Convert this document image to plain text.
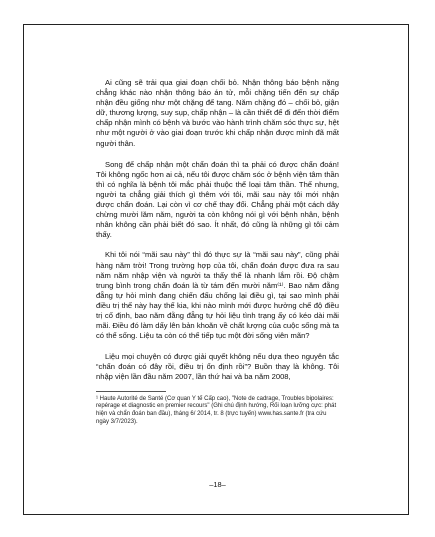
Ai cũng sẽ trải qua giai đoạn chối bỏ. Nhận thông báo bệnh nặng chẳng khác nào nhận thông báo án tử, mỗi chặng tiến đến sự chấp nhận đều giống như một chặng để tang. Năm chặng đó – chối bỏ, giận dữ, thương lượng, suy sụp, chấp nhận – là cần thiết để đi đến thời điểm chấp nhận mình có bệnh và bước vào hành trình chăm sóc thực sự, hệt như một người ở vào giai đoạn trước khi chấp nhận được mình đã mất người thân.

Song để chấp nhận một chẩn đoán thì ta phải có được chẩn đoán! Tôi không ngốc hơn ai cả, nếu tôi được chăm sóc ở bệnh viện tâm thần thì có nghĩa là bệnh tôi mắc phải thuộc thể loại tâm thần. Thế nhưng, người ta chẳng giải thích gì thêm với tôi, mãi sau này tôi mới nhận được chẩn đoán. Lại còn vì cơ chế thay đổi. Chẳng phải một cách dây chừng mười lăm năm, người ta còn không nói gì với bệnh nhân, bệnh nhân không cần phải biết đó sao. Ít nhất, đó cũng là những gì tôi cảm thấy.

Khi tôi nói “mãi sau này” thì đó thực sự là “mãi sau này”, cũng phải hàng năm trời! Trong trường hợp của tôi, chẩn đoán được đưa ra sau năm năm nhập viện và người ta thấy thế là nhanh lắm rồi. Độ chậm trung bình trong chẩn đoán là từ tám đến mười năm⁽¹⁾. Bao năm đằng đẵng tự hỏi mình đang chiến đấu chống lại điều gì, tại sao mình phải điều trị thế này hay thế kia, khi nào mình mới được hưởng chế độ điều trị cố định, bao năm đằng đẵng tự hỏi liệu tình trạng ấy có kéo dài mãi mãi. Điều đó làm dấy lên bản khoăn về chất lượng của cuộc sống mà ta có thể sống. Liệu ta còn có thể tiếp tục một đời sống viên mãn?

Liệu mọi chuyện có được giải quyết không nếu dựa theo nguyên tắc “chẩn đoán có đây rồi, điều trị ổn định rồi”? Buồn thay là không. Tôi nhập viện lần đầu năm 2007, lần thứ hai và ba năm 2008,

¹ Haute Autorité de Santé (Cơ quan Y tế Cấp cao), "Note de cadrage, Troubles bipolaires: repérage et diagnostic en premier recours" (Ghi chú định hướng, Rối loạn lưỡng cực: phát hiện và chẩn đoán ban đầu), tháng 6/ 2014, tr. 8 (trực tuyến) www.has.sante.fr (tra cứu ngày 3/7/2023).

–18–
